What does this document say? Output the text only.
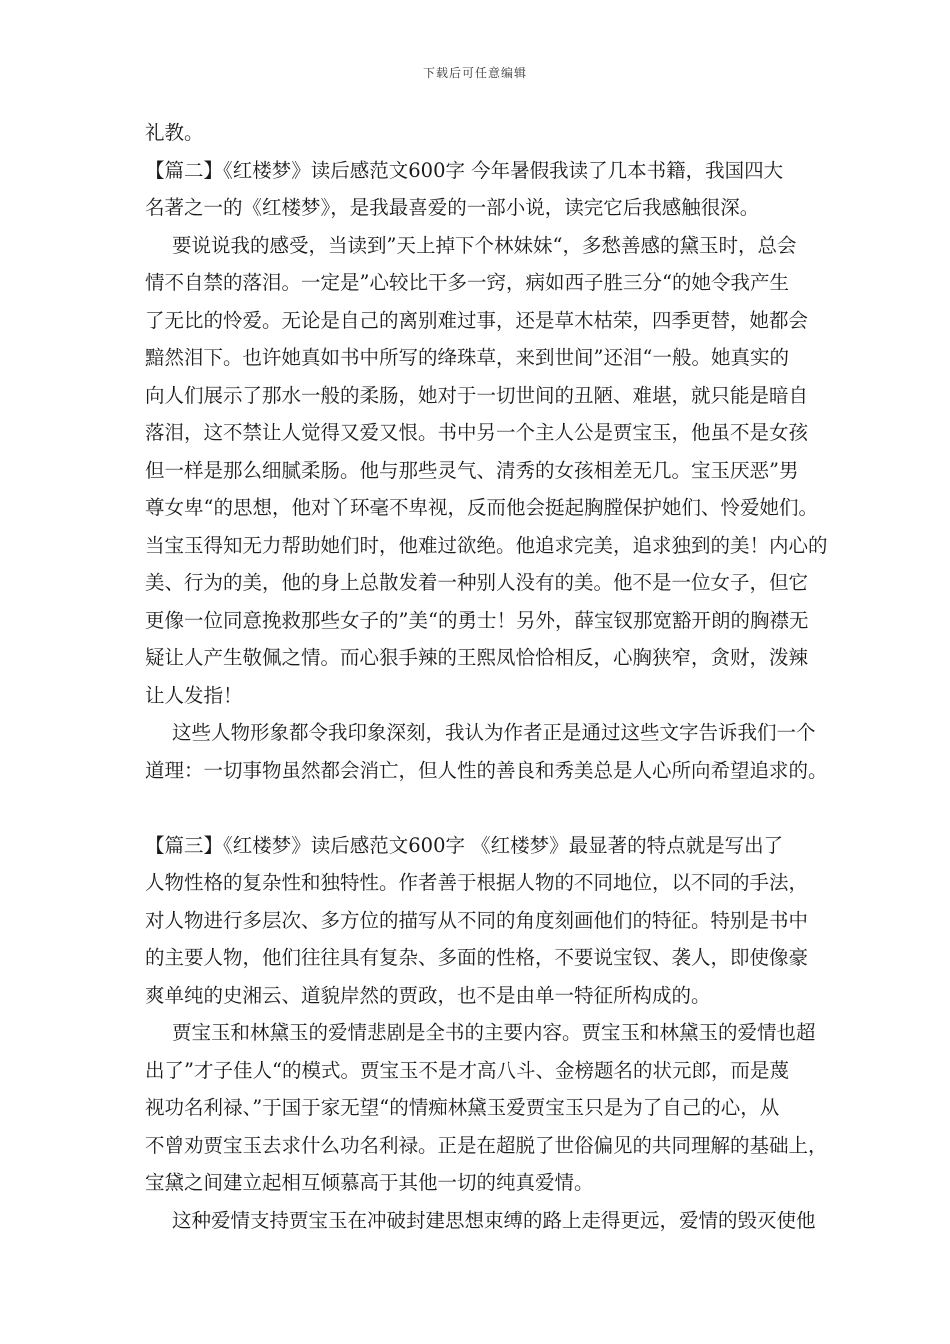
下载后可任意编辑
礼教。
【篇二】《红楼梦》读后感范文600字 今年暑假我读了几本书籍，我国四大
名著之一的《红楼梦》，是我最喜爱的一部小说，读完它后我感触很深。
要说说我的感受，当读到”天上掉下个林妹妹“，多愁善感的黛玉时，总会
情不自禁的落泪。一定是”心较比干多一窍，病如西子胜三分“的她令我产生
了无比的怜爱。无论是自己的离别难过事，还是草木枯荣，四季更替，她都会
黯然泪下。也许她真如书中所写的绛珠草，来到世间”还泪“一般。她真实的
向人们展示了那水一般的柔肠，她对于一切世间的丑陋、难堪，就只能是暗自
落泪，这不禁让人觉得又爱又恨。书中另一个主人公是贾宝玉，他虽不是女孩
但一样是那么细腻柔肠。他与那些灵气、清秀的女孩相差无几。宝玉厌恶”男
尊女卑“的思想，他对丫环毫不卑视，反而他会挺起胸膛保护她们、怜爱她们。
当宝玉得知无力帮助她们时，他难过欲绝。他追求完美，追求独到的美！内心的
美、行为的美，他的身上总散发着一种别人没有的美。他不是一位女子，但它
更像一位同意挽救那些女子的”美“的勇士！另外，薛宝钗那宽豁开朗的胸襟无
疑让人产生敬佩之情。而心狠手辣的王熙凤恰恰相反，心胸狭窄，贪财，泼辣
让人发指！
这些人物形象都令我印象深刻，我认为作者正是通过这些文字告诉我们一个
道理：一切事物虽然都会消亡，但人性的善良和秀美总是人心所向希望追求的。
【篇三】《红楼梦》读后感范文600字 《红楼梦》最显著的特点就是写出了
人物性格的复杂性和独特性。作者善于根据人物的不同地位，以不同的手法，
对人物进行多层次、多方位的描写从不同的角度刻画他们的特征。特别是书中
的主要人物，他们往往具有复杂、多面的性格，不要说宝钗、袭人，即使像豪
爽单纯的史湘云、道貌岸然的贾政，也不是由单一特征所构成的。
贾宝玉和林黛玉的爱情悲剧是全书的主要内容。贾宝玉和林黛玉的爱情也超
出了”才子佳人“的模式。贾宝玉不是才高八斗、金榜题名的状元郎，而是蔑
视功名利禄、”于国于家无望“的情痴林黛玉爱贾宝玉只是为了自己的心，从
不曾劝贾宝玉去求什么功名利禄。正是在超脱了世俗偏见的共同理解的基础上，
宝黛之间建立起相互倾慕高于其他一切的纯真爱情。
这种爱情支持贾宝玉在冲破封建思想束缚的路上走得更远，爱情的毁灭使他
